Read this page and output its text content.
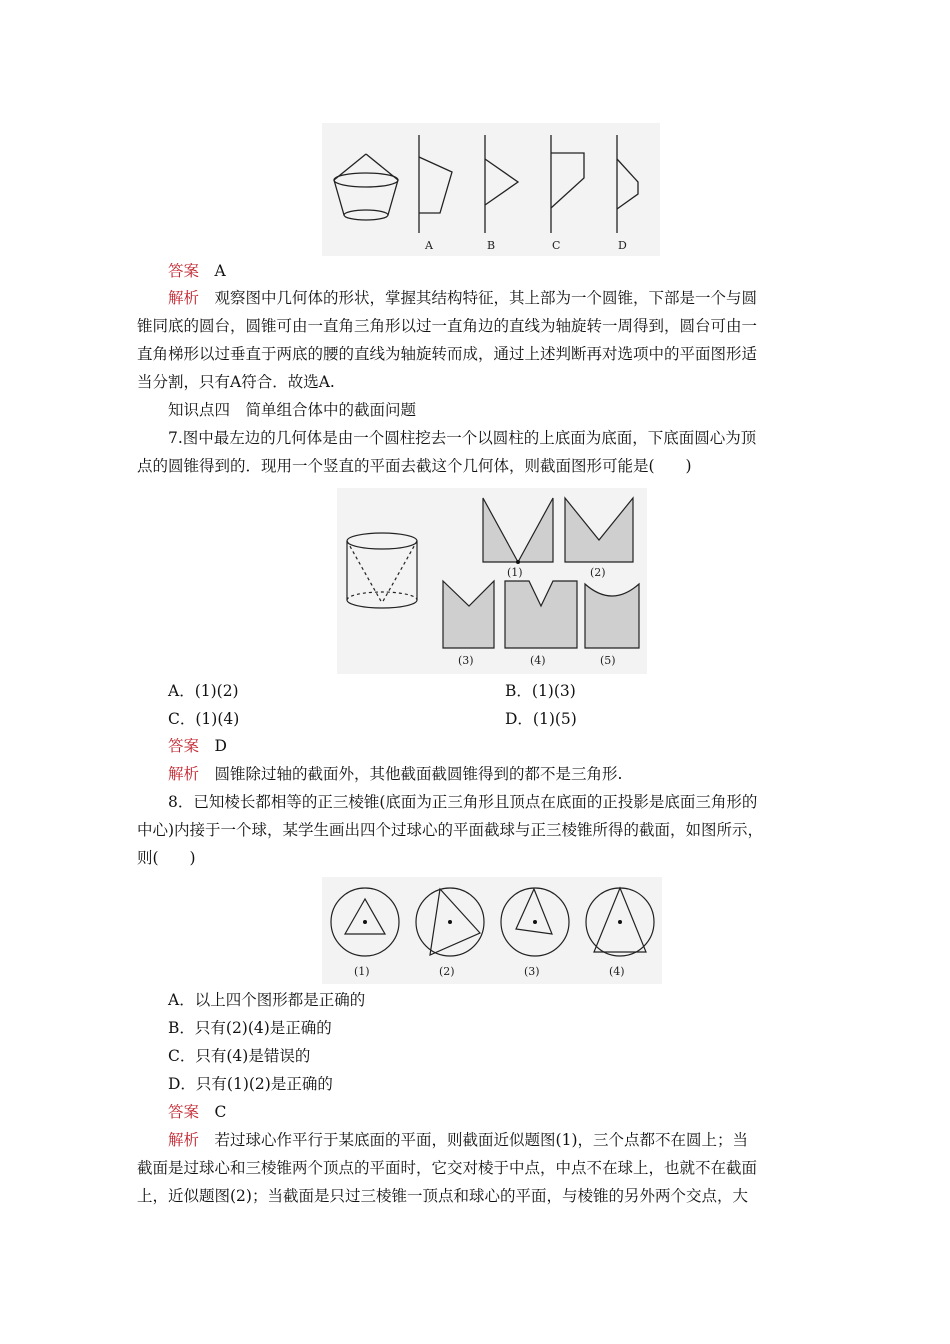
A	B	C	D
答案　 A
解析　 观察图中几何体的形状，掌握其结构特征，其上部为一个圆锥，下部是一个与圆
锥同底的圆台，圆锥可由一直角三角形以过一直角边的直线为轴旋转一周得到，圆台可由一
直角梯形以过垂直于两底的腰的直线为轴旋转而成，通过上述判断再对选项中的平面图形适
当分割，只有A符合．故选A.
知识点四　简单组合体中的截面问题
7.图中最左边的几何体是由一个圆柱挖去一个以圆柱的上底面为底面，下底面圆心为顶
点的圆锥得到的．现用一个竖直的平面去截这个几何体，则截面图形可能是(　　)
(1)	(2)
(3)	(4)	(5)
A．(1)(2)	B．(1)(3)
C．(1)(4)	D．(1)(5)
答案　 D
解析　 圆锥除过轴的截面外，其他截面截圆锥得到的都不是三角形.
8．已知棱长都相等的正三棱锥(底面为正三角形且顶点在底面的正投影是底面三角形的
中心)内接于一个球，某学生画出四个过球心的平面截球与正三棱锥所得的截面，如图所示，
则(　　)
(1)	(2)	(3)	(4)
A．以上四个图形都是正确的
B．只有(2)(4)是正确的
C．只有(4)是错误的
D．只有(1)(2)是正确的
答案　 C
解析　 若过球心作平行于某底面的平面，则截面近似题图(1)，三个点都不在圆上；当
截面是过球心和三棱锥两个顶点的平面时，它交对棱于中点，中点不在球上，也就不在截面
上，近似题图(2)；当截面是只过三棱锥一顶点和球心的平面，与棱锥的另外两个交点，大
